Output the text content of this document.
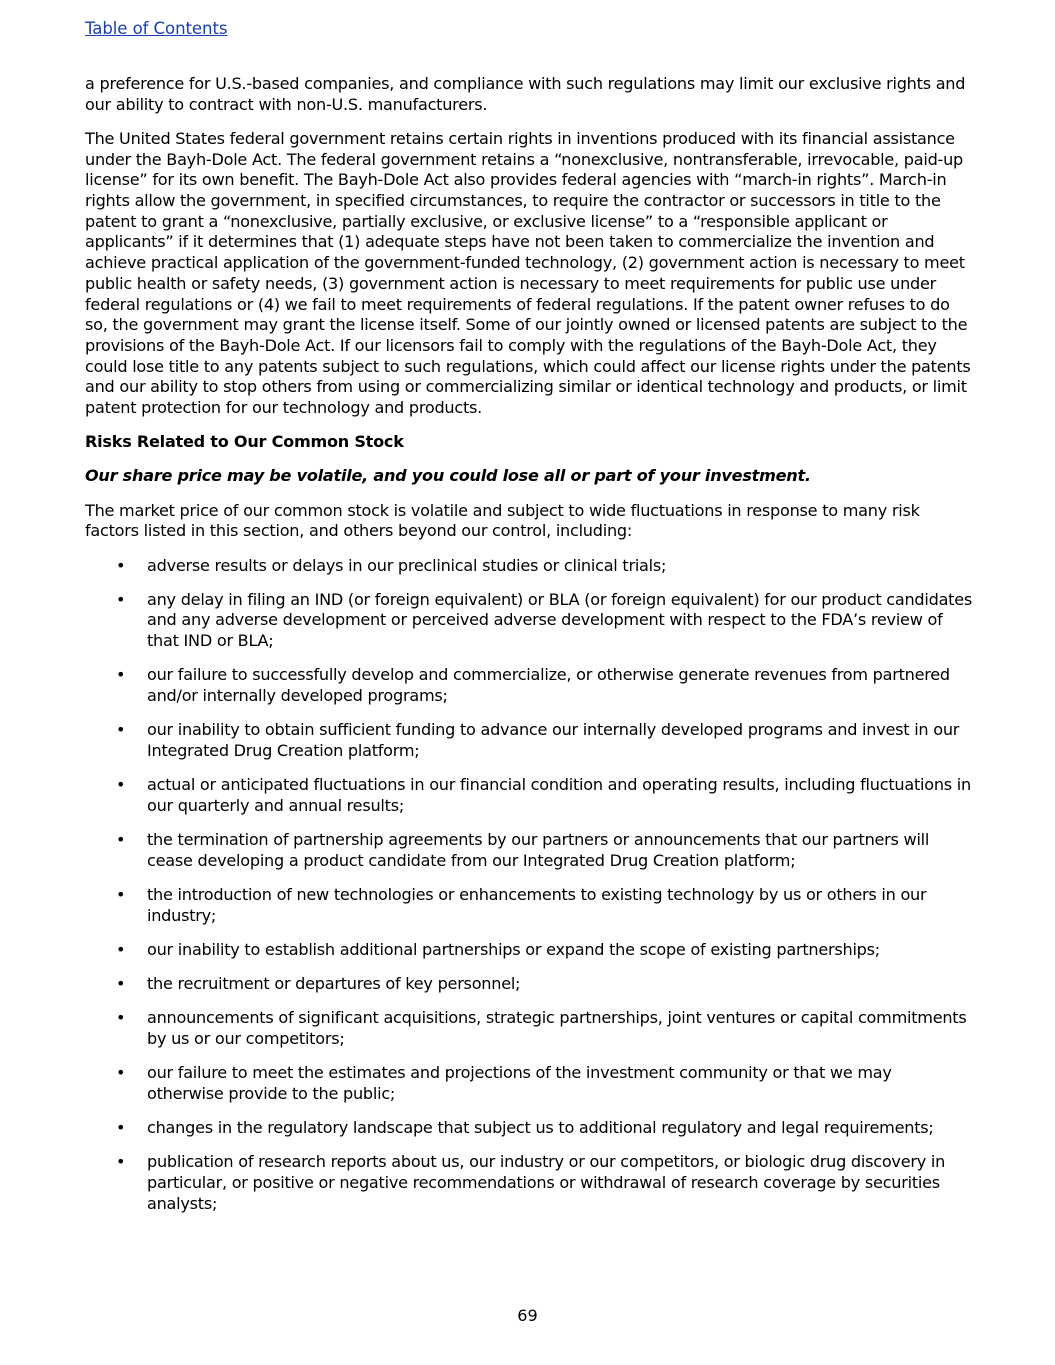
Table of Contents

a preference for U.S.-based companies, and compliance with such regulations may limit our exclusive rights and our ability to contract with non-U.S. manufacturers.

The United States federal government retains certain rights in inventions produced with its financial assistance under the Bayh-Dole Act. The federal government retains a “nonexclusive, nontransferable, irrevocable, paid-up license” for its own benefit. The Bayh-Dole Act also provides federal agencies with “march-in rights”. March-in rights allow the government, in specified circumstances, to require the contractor or successors in title to the patent to grant a “nonexclusive, partially exclusive, or exclusive license” to a “responsible applicant or applicants” if it determines that (1) adequate steps have not been taken to commercialize the invention and achieve practical application of the government-funded technology, (2) government action is necessary to meet public health or safety needs, (3) government action is necessary to meet requirements for public use under federal regulations or (4) we fail to meet requirements of federal regulations. If the patent owner refuses to do so, the government may grant the license itself. Some of our jointly owned or licensed patents are subject to the provisions of the Bayh-Dole Act. If our licensors fail to comply with the regulations of the Bayh-Dole Act, they could lose title to any patents subject to such regulations, which could affect our license rights under the patents and our ability to stop others from using or commercializing similar or identical technology and products, or limit patent protection for our technology and products.

Risks Related to Our Common Stock

Our share price may be volatile, and you could lose all or part of your investment.

The market price of our common stock is volatile and subject to wide fluctuations in response to many risk factors listed in this section, and others beyond our control, including:

• adverse results or delays in our preclinical studies or clinical trials;
• any delay in filing an IND (or foreign equivalent) or BLA (or foreign equivalent) for our product candidates and any adverse development or perceived adverse development with respect to the FDA’s review of that IND or BLA;
• our failure to successfully develop and commercialize, or otherwise generate revenues from partnered and/or internally developed programs;
• our inability to obtain sufficient funding to advance our internally developed programs and invest in our Integrated Drug Creation platform;
• actual or anticipated fluctuations in our financial condition and operating results, including fluctuations in our quarterly and annual results;
• the termination of partnership agreements by our partners or announcements that our partners will cease developing a product candidate from our Integrated Drug Creation platform;
• the introduction of new technologies or enhancements to existing technology by us or others in our industry;
• our inability to establish additional partnerships or expand the scope of existing partnerships;
• the recruitment or departures of key personnel;
• announcements of significant acquisitions, strategic partnerships, joint ventures or capital commitments by us or our competitors;
• our failure to meet the estimates and projections of the investment community or that we may otherwise provide to the public;
• changes in the regulatory landscape that subject us to additional regulatory and legal requirements;
• publication of research reports about us, our industry or our competitors, or biologic drug discovery in particular, or positive or negative recommendations or withdrawal of research coverage by securities analysts;
69
